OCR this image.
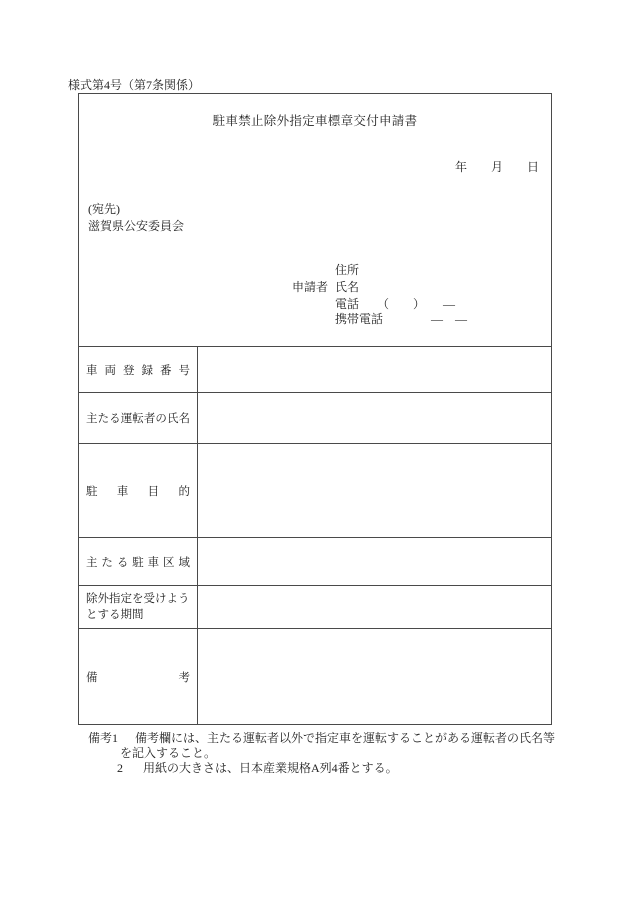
様式第4号（第7条関係）
駐車禁止除外指定車標章交付申請書
年　　月　　日
(宛先)
滋賀県公安委員会
住所
申請者 氏名
電話　　（　　）　　—
携帯電話　　　　—　—
車 両 登 録 番 号
主 た る 運 転 者 の 氏 名
駐 車 目 的
主 た る 駐 車 区 域
除外指定を受けよう
とする期間
備	考
備考1 備考欄には、主たる運転者以外で指定車を運転することがある運転者の氏名等
を記入すること。
2 用紙の大きさは、日本産業規格A列4番とする。
